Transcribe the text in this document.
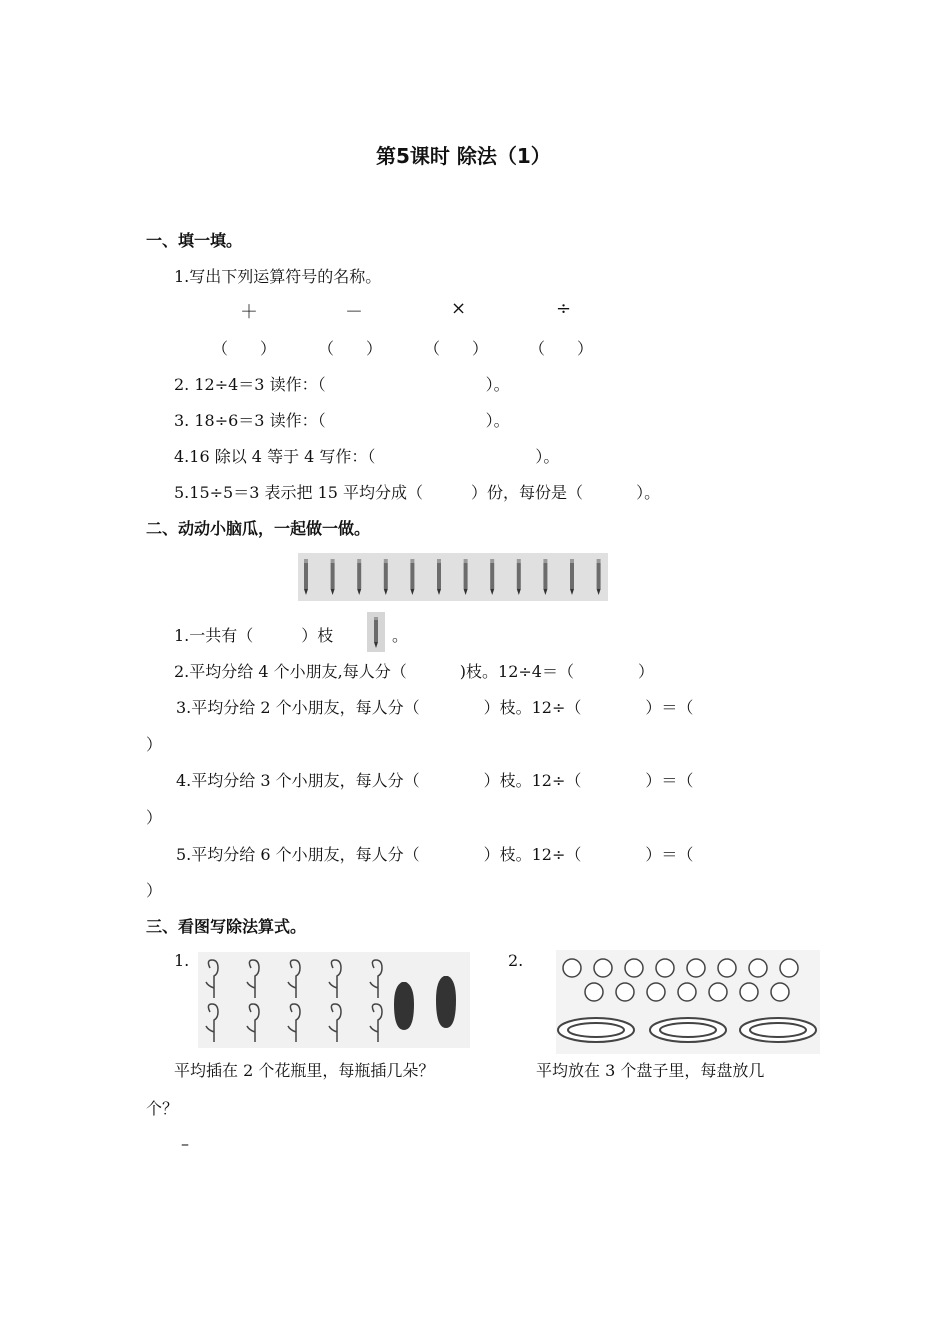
第5课时 除法（1）
一、填一填。
1.写出下列运算符号的名称。
＋	－	×	÷
（　　）	（　　）	（　　）	（　　）
2. 12÷4＝3 读作：（　　　　　　　　　　）。
3. 18÷6＝3 读作：（　　　　　　　　　　）。
4.16 除以 4 等于 4 写作：（　　　　　　　　　　）。
5.15÷5＝3 表示把 15 平均分成（　　　）份，每份是（　　　 ）。
二、动动小脑瓜，一起做一做。
1.一共有（　　　）枝	。
2.平均分给 4 个小朋友,每人分（　　　 )枝。12÷4＝（　　　　）
3.平均分给 2 个小朋友，每人分（　　　　）枝。12÷（　　　　）＝（
）
4.平均分给 3 个小朋友，每人分（　　　　）枝。12÷（　　　　）＝（
）
5.平均分给 6 个小朋友，每人分（　　　　）枝。12÷（　　　　）＝（
）
三、看图写除法算式。
1.	2.
平均插在 2 个花瓶里，每瓶插几朵？	平均放在 3 个盘子里，每盘放几
个？
–
